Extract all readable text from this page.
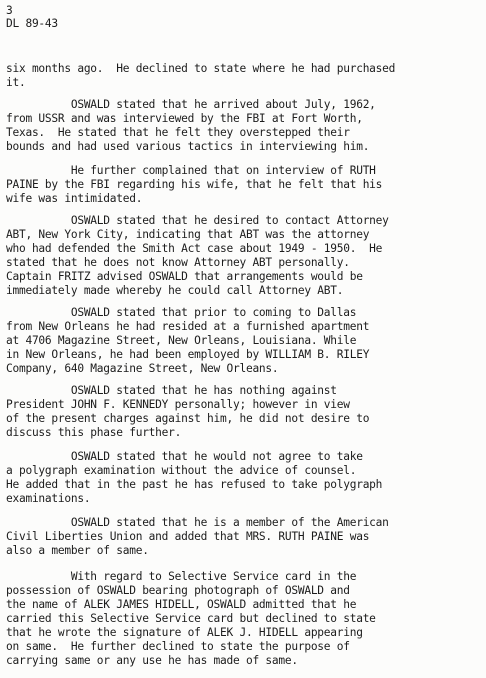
3
DL 89-43
six months ago.  He declined to state where he had purchased
it.
OSWALD stated that he arrived about July, 1962,
from USSR and was interviewed by the FBI at Fort Worth,
Texas.  He stated that he felt they overstepped their
bounds and had used various tactics in interviewing him.
He further complained that on interview of RUTH
PAINE by the FBI regarding his wife, that he felt that his
wife was intimidated.
OSWALD stated that he desired to contact Attorney
ABT, New York City, indicating that ABT was the attorney
who had defended the Smith Act case about 1949 - 1950.  He
stated that he does not know Attorney ABT personally.
Captain FRITZ advised OSWALD that arrangements would be
immediately made whereby he could call Attorney ABT.
OSWALD stated that prior to coming to Dallas
from New Orleans he had resided at a furnished apartment
at 4706 Magazine Street, New Orleans, Louisiana. While
in New Orleans, he had been employed by WILLIAM B. RILEY
Company, 640 Magazine Street, New Orleans.
OSWALD stated that he has nothing against
President JOHN F. KENNEDY personally; however in view
of the present charges against him, he did not desire to
discuss this phase further.
OSWALD stated that he would not agree to take
a polygraph examination without the advice of counsel.
He added that in the past he has refused to take polygraph
examinations.
OSWALD stated that he is a member of the American
Civil Liberties Union and added that MRS. RUTH PAINE was
also a member of same.
With regard to Selective Service card in the
possession of OSWALD bearing photograph of OSWALD and
the name of ALEK JAMES HIDELL, OSWALD admitted that he
carried this Selective Service card but declined to state
that he wrote the signature of ALEK J. HIDELL appearing
on same.  He further declined to state the purpose of
carrying same or any use he has made of same.
